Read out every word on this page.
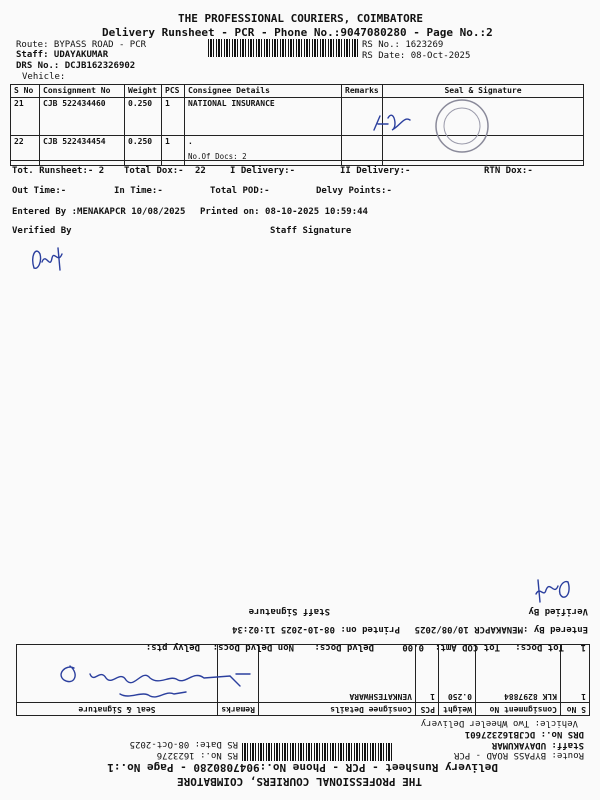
THE PROFESSIONAL COURIERS, COIMBATORE
Delivery Runsheet - PCR - Phone No.:9047080280 - Page No.:2
Route: BYPASS ROAD - PCR
Staff: UDAYAKUMAR
DRS No.: DCJB162326902
Vehicle:
RS No.: 1623269
RS Date: 08-Oct-2025
S No	Consignment No	Weight	PCS	Consignee Details	Remarks	Seal & Signature
21	CJB 522434460	0.250	1	NATIONAL INSURANCE		
22	CJB 522434454	0.250	1	.
No.Of Docs: 2		

Tot. Runsheet:- 2 Total Dox:- 22	I Delivery:-	II Delivery:-	RTN Dox:-
Out Time:-	In Time:-	Total POD:-	Delvy Points:-
Entered By :MENAKAPCR 10/08/2025 Printed on: 08-10-2025 10:59:44
Verified By	Staff Signature
THE PROFESSIONAL COURIERS, COIMBATORE
Delivery Runsheet - PCR - Phone No.:9047080280 - Page No.:1
Route: BYPASS ROAD - PCR
Staff: UDAYAKUMAR
DRS No.: DCJB162327601
Vehicle: Two Wheeler Delivery
RS No.: 1623276
RS Date: 08-Oct-2025
S No	Consignment No	Weight	PCS	Consignee Details	Remarks	Seal & Signature
1	KLK 8297884	0.250	1	VENKATESHWARA		
1
Tot Docs:
Tot COD Amt:
0.00
Delvd Docs:
Non Delvd Docs:
Delvy pts:
Entered By :MENAKAPCR 10/08/2025
Printed on: 08-10-2025 11:02:34
Verified By
Staff Signature
